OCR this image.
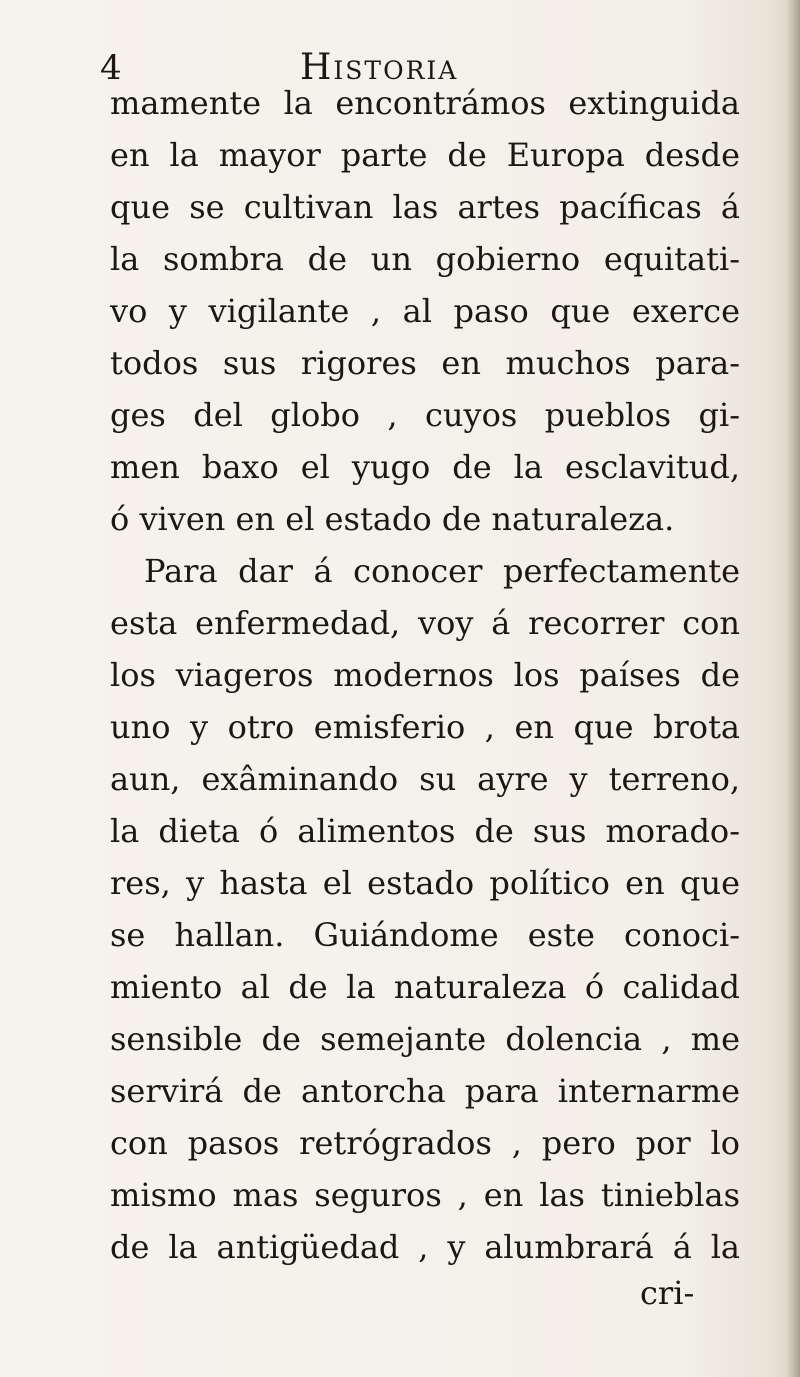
4	Historia
mamente la encontrámos extinguida
en la mayor parte de Europa desde
que se cultivan las artes pacíficas á
la sombra de un gobierno equitati-
vo y vigilante , al paso que exerce
todos sus rigores en muchos para-
ges del globo , cuyos pueblos gi-
men baxo el yugo de la esclavitud,
ó viven en el estado de naturaleza.
Para dar á conocer perfectamente
esta enfermedad, voy á recorrer con
los viageros modernos los países de
uno y otro emisferio , en que brota
aun, exâminando su ayre y terreno,
la dieta ó alimentos de sus morado-
res, y hasta el estado político en que
se hallan. Guiándome este conoci-
miento al de la naturaleza ó calidad
sensible de semejante dolencia , me
servirá de antorcha para internarme
con pasos retrógrados , pero por lo
mismo mas seguros , en las tinieblas
de la antigüedad , y alumbrará á la
cri-
